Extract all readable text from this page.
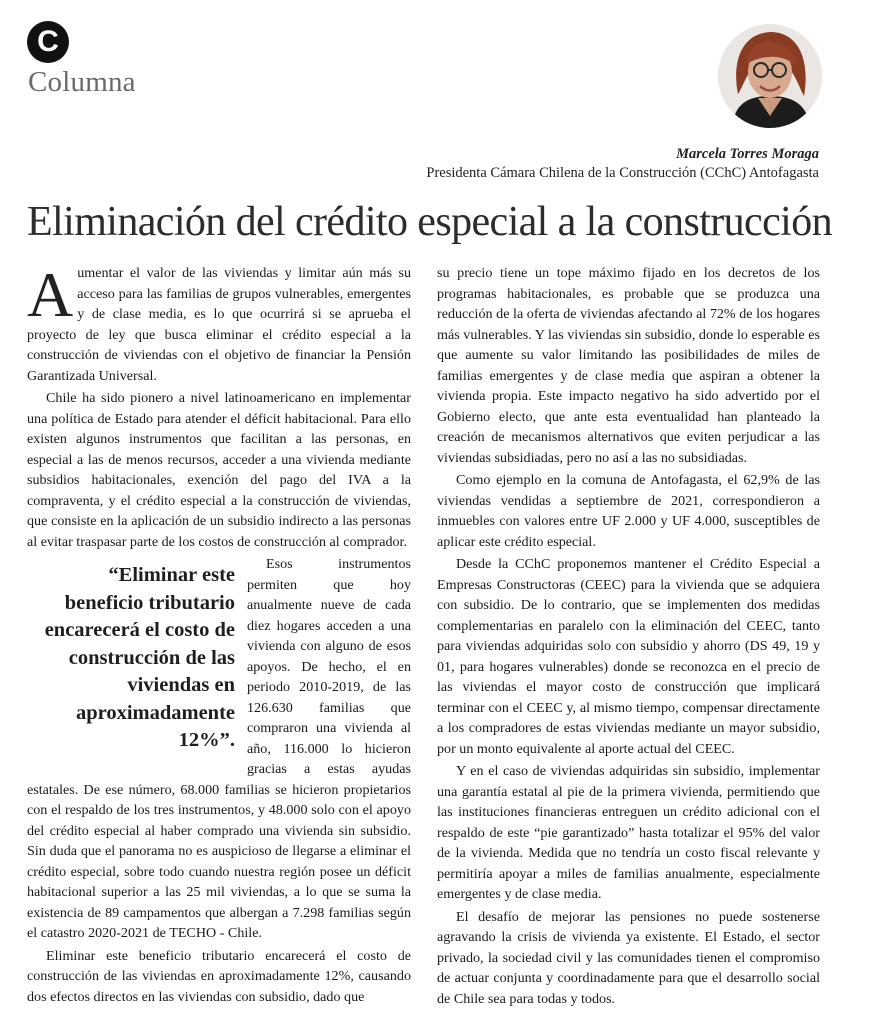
C
Columna
Marcela Torres Moraga
Presidenta Cámara Chilena de la Construcción (CChC) Antofagasta
Eliminación del crédito especial a la construcción
A umentar el valor de las viviendas y limitar aún más su acceso para las familias de grupos vulnerables, emergentes y de clase media, es lo que ocurrirá si se aprueba el proyecto de ley que busca eliminar el crédito especial a la construcción de viviendas con el objetivo de financiar la Pensión Garantizada Universal.

Chile ha sido pionero a nivel latinoamericano en implementar una política de Estado para atender el déficit habitacional. Para ello existen algunos instrumentos que facilitan a las personas, en especial a las de menos recursos, acceder a una vivienda mediante subsidios habitacionales, exención del pago del IVA a la compraventa, y el crédito especial a la construcción de viviendas, que consiste en la aplicación de un subsidio indirecto a las personas al evitar traspasar parte de los costos de construcción al comprador.

“Eliminar este beneficio tributario encarecerá el costo de construcción de las viviendas en aproximadamente 12%”.

Esos instrumentos permiten que hoy anualmente nueve de cada diez hogares acceden a una vivienda con alguno de esos apoyos. De hecho, el en periodo 2010-2019, de las 126.630 familias que compraron una vivienda al año, 116.000 lo hicieron gracias a estas ayudas estatales. De ese número, 68.000 familias se hicieron propietarios con el respaldo de los tres instrumentos, y 48.000 solo con el apoyo del crédito especial al haber comprado una vivienda sin subsidio. Sin duda que el panorama no es auspicioso de llegarse a eliminar el crédito especial, sobre todo cuando nuestra región posee un déficit habitacional superior a las 25 mil viviendas, a lo que se suma la existencia de 89 campamentos que albergan a 7.298 familias según el catastro 2020-2021 de TECHO - Chile.

Eliminar este beneficio tributario encarecerá el costo de construcción de las viviendas en aproximadamente 12%, causando dos efectos directos en las viviendas con subsidio, dado que

su precio tiene un tope máximo fijado en los decretos de los programas habitacionales, es probable que se produzca una reducción de la oferta de viviendas afectando al 72% de los hogares más vulnerables. Y las viviendas sin subsidio, donde lo esperable es que aumente su valor limitando las posibilidades de miles de familias emergentes y de clase media que aspiran a obtener la vivienda propia. Este impacto negativo ha sido advertido por el Gobierno electo, que ante esta eventualidad han planteado la creación de mecanismos alternativos que eviten perjudicar a las viviendas subsidiadas, pero no así a las no subsidiadas.

Como ejemplo en la comuna de Antofagasta, el 62,9% de las viviendas vendidas a septiembre de 2021, correspondieron a inmuebles con valores entre UF 2.000 y UF 4.000, susceptibles de aplicar este crédito especial.

Desde la CChC proponemos mantener el Crédito Especial a Empresas Constructoras (CEEC) para la vivienda que se adquiera con subsidio. De lo contrario, que se implementen dos medidas complementarias en paralelo con la eliminación del CEEC, tanto para viviendas adquiridas solo con subsidio y ahorro (DS 49, 19 y 01, para hogares vulnerables) donde se reconozca en el precio de las viviendas el mayor costo de construcción que implicará terminar con el CEEC y, al mismo tiempo, compensar directamente a los compradores de estas viviendas mediante un mayor subsidio, por un monto equivalente al aporte actual del CEEC.

Y en el caso de viviendas adquiridas sin subsidio, implementar una garantía estatal al pie de la primera vivienda, permitiendo que las instituciones financieras entreguen un crédito adicional con el respaldo de este “pie garantizado” hasta totalizar el 95% del valor de la vivienda. Medida que no tendría un costo fiscal relevante y permitiría apoyar a miles de familias anualmente, especialmente emergentes y de clase media.

El desafío de mejorar las pensiones no puede sostenerse agravando la crisis de vivienda ya existente. El Estado, el sector privado, la sociedad civil y las comunidades tienen el compromiso de actuar conjunta y coordinadamente para que el desarrollo social de Chile sea para todas y todos.
